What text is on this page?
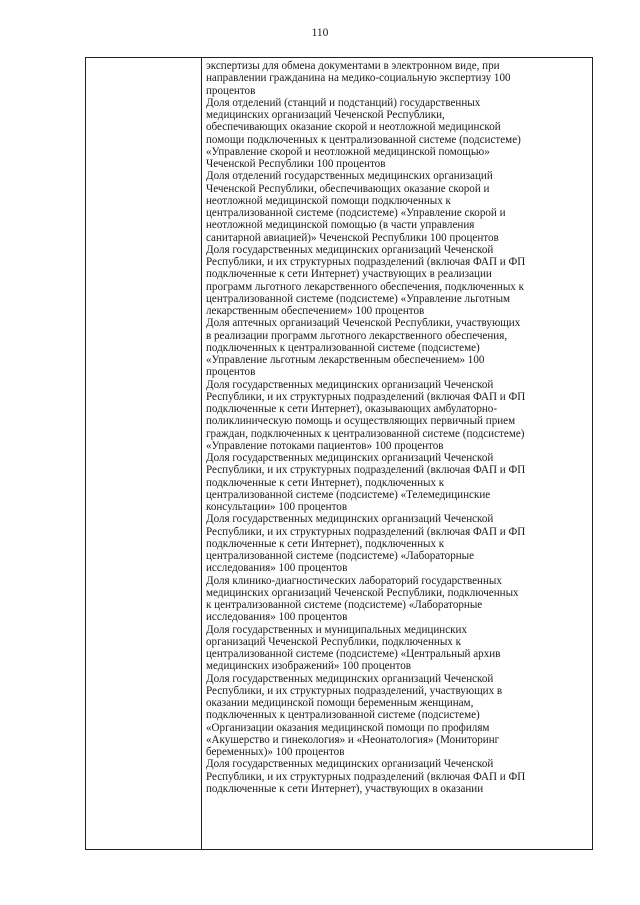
110
экспертизы для обмена документами в электронном виде, при
направлении гражданина на медико-социальную экспертизу 100
процентов
Доля отделений (станций и подстанций) государственных
медицинских организаций Чеченской Республики,
обеспечивающих оказание скорой и неотложной медицинской
помощи подключенных к централизованной системе (подсистеме)
«Управление скорой и неотложной медицинской помощью»
Чеченской Республики 100 процентов
Доля отделений государственных медицинских организаций
Чеченской Республики, обеспечивающих оказание скорой и
неотложной медицинской помощи подключенных к
централизованной системе (подсистеме) «Управление скорой и
неотложной медицинской помощью (в части управления
санитарной авиацией)» Чеченской Республики 100 процентов
Доля государственных медицинских организаций Чеченской
Республики, и их структурных подразделений (включая ФАП и ФП
подключенные к сети Интернет) участвующих в реализации
программ льготного лекарственного обеспечения, подключенных к
централизованной системе (подсистеме) «Управление льготным
лекарственным обеспечением» 100 процентов
Доля аптечных организаций Чеченской Республики, участвующих
в реализации программ льготного лекарственного обеспечения,
подключенных к централизованной системе (подсистеме)
«Управление льготным лекарственным обеспечением» 100
процентов
Доля государственных медицинских организаций Чеченской
Республики, и их структурных подразделений (включая ФАП и ФП
подключенные к сети Интернет), оказывающих амбулаторно-
поликлиническую помощь и осуществляющих первичный прием
граждан, подключенных к централизованной системе (подсистеме)
«Управление потоками пациентов» 100 процентов
Доля государственных медицинских организаций Чеченской
Республики, и их структурных подразделений (включая ФАП и ФП
подключенные к сети Интернет), подключенных к
централизованной системе (подсистеме) «Телемедицинские
консультации» 100 процентов
Доля государственных медицинских организаций Чеченской
Республики, и их структурных подразделений (включая ФАП и ФП
подключенные к сети Интернет), подключенных к
централизованной системе (подсистеме) «Лабораторные
исследования» 100 процентов
Доля клинико-диагностических лабораторий государственных
медицинских организаций Чеченской Республики, подключенных
к централизованной системе (подсистеме) «Лабораторные
исследования» 100 процентов
Доля государственных и муниципальных медицинских
организаций Чеченской Республики, подключенных к
централизованной системе (подсистеме) «Центральный архив
медицинских изображений» 100 процентов
Доля государственных медицинских организаций Чеченской
Республики, и их структурных подразделений, участвующих в
оказании медицинской помощи беременным женщинам,
подключенных к централизованной системе (подсистеме)
«Организации оказания медицинской помощи по профилям
«Акушерство и гинекология» и «Неонатология» (Мониторинг
беременных)» 100 процентов
Доля государственных медицинских организаций Чеченской
Республики, и их структурных подразделений (включая ФАП и ФП
подключенные к сети Интернет), участвующих в оказании
